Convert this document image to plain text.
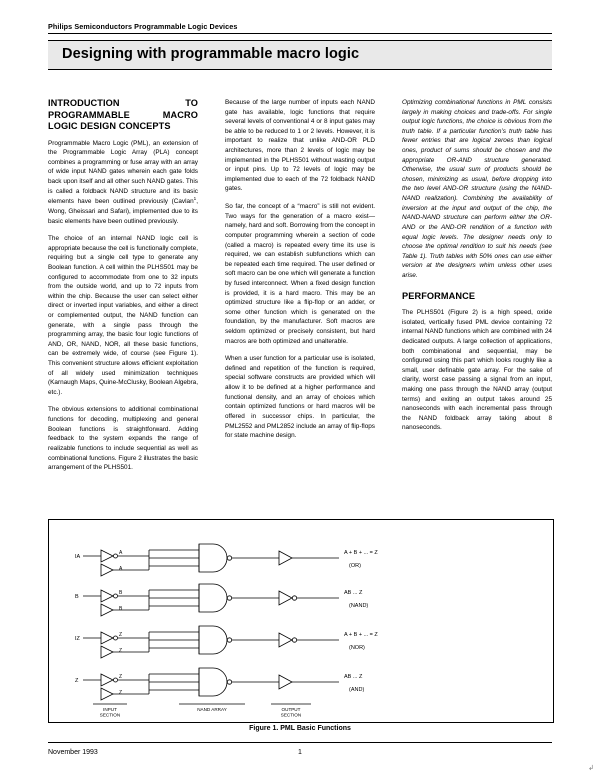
Philips Semiconductors Programmable Logic Devices
Designing with programmable macro logic
INTRODUCTION TO PROGRAMMABLE MACRO LOGIC DESIGN CONCEPTS

Programmable Macro Logic (PML), an extension of the Programmable Logic Array (PLA) concept combines a programming or fuse array with an array of wide input NAND gates wherein each gate folds back upon itself and all other such NAND gates. This is called a foldback NAND structure and its basic elements have been outlined previously (Cavlan$^1$, Wong, Gheissari and Safari), implemented due to its basic elements have been outlined previously.

The choice of an internal NAND logic cell is appropriate because the cell is functionally complete, requiring but a single cell type to generate any Boolean function. A cell within the PLHS501 may be configured to accommodate from one to 32 inputs from the outside world, and up to 72 inputs from within the chip. Because the user can select either direct or inverted input variables, and either a direct or complemented output, the NAND function can generate, with a single pass through the programming array, the basic four logic functions of AND, OR, NAND, NOR, all these basic functions, can be extremely wide, of course (see Figure 1). This convenient structure allows efficient exploitation of all widely used minimization techniques (Karnaugh Maps, Quine-McClusky, Boolean Algebra, etc.).

The obvious extensions to additional combinational functions for decoding, multiplexing and general Boolean functions is straightforward. Adding feedback to the system expands the range of realizable functions to include sequential as well as combinational functions. Figure 2 illustrates the basic arrangement of the PLHS501.

Because of the large number of inputs each NAND gate has available, logic functions that require several levels of conventional 4 or 8 input gates may be able to be reduced to 1 or 2 levels. However, it is important to realize that unlike AND-OR PLD architectures, more than 2 levels of logic may be implemented in the PLHS501 without wasting output or input pins. Up to 72 levels of logic may be implemented due to each of the 72 foldback NAND gates.

So far, the concept of a “macro” is still not evident. Two ways for the generation of a macro exist—namely, hard and soft. Borrowing from the concept in computer programming wherein a section of code (called a macro) is repeated every time its use is required, we can establish subfunctions which can be repeated each time required. The user defined or soft macro can be one which will generate a function by fused interconnect. When a fixed design function is provided, it is a hard macro. This may be an optimized structure like a flip-flop or an adder, or some other function which is generated on the foundation, by the manufacturer. Soft macros are seldom optimized or precisely consistent, but hard macros are both optimized and unalterable.

When a user function for a particular use is isolated, defined and repetition of the function is required, special software constructs are provided which will allow it to be defined at a higher performance and functional density, and an array of choices which contain optimized functions or hard macros will be offered in successor chips. In particular, the PML2552 and PML2852 include an array of flip-flops for state machine design.

Optimizing combinational functions in PML consists largely in making choices and trade-offs. For single output logic functions, the choice is obvious from the truth table. If a particular function’s truth table has fewer entries that are logical zeroes than logical ones, product of sums should be chosen and the appropriate OR-AND structure generated. Otherwise, the usual sum of products should be chosen, minimizing as usual, before dropping into the two level AND-OR structure (using the NAND-NAND realization). Combining the availability of inversion at the input and output of the chip, the NAND-NAND structure can perform either the OR-AND or the AND-OR rendition of a function with equal logic levels. The designer needs only to choose the optimal rendition to suit his needs (see Table 1). Truth tables with 50% ones can use either version at the designers whim unless other uses arise.

PERFORMANCE

The PLHS501 (Figure 2) is a high speed, oxide isolated, vertically fused PML device containing 72 internal NAND functions which are combined with 24 dedicated outputs. A large collection of applications, both combinational and sequential, may be configured using this part which looks roughly like a small, user definable gate array. For the sake of clarity, worst case passing a signal from an input, making one pass through the NAND array (output terms) and exiting an output takes around 25 nanoseconds with each incremental pass through the NAND foldback array taking about 8 nanoseconds.

IA
A
A
A + B + ... = Z
(OR)
B
B
B
AB ... Z
(NAND)
IZ
Z
Z
A + B + ... = Z
(NOR)
Z
Z
Z
AB ... Z
(AND)
INPUT
SECTION
NAND ARRAY	OUTPUT
SECTION
Figure 1. PML Basic Functions
November 1993	1
↲
